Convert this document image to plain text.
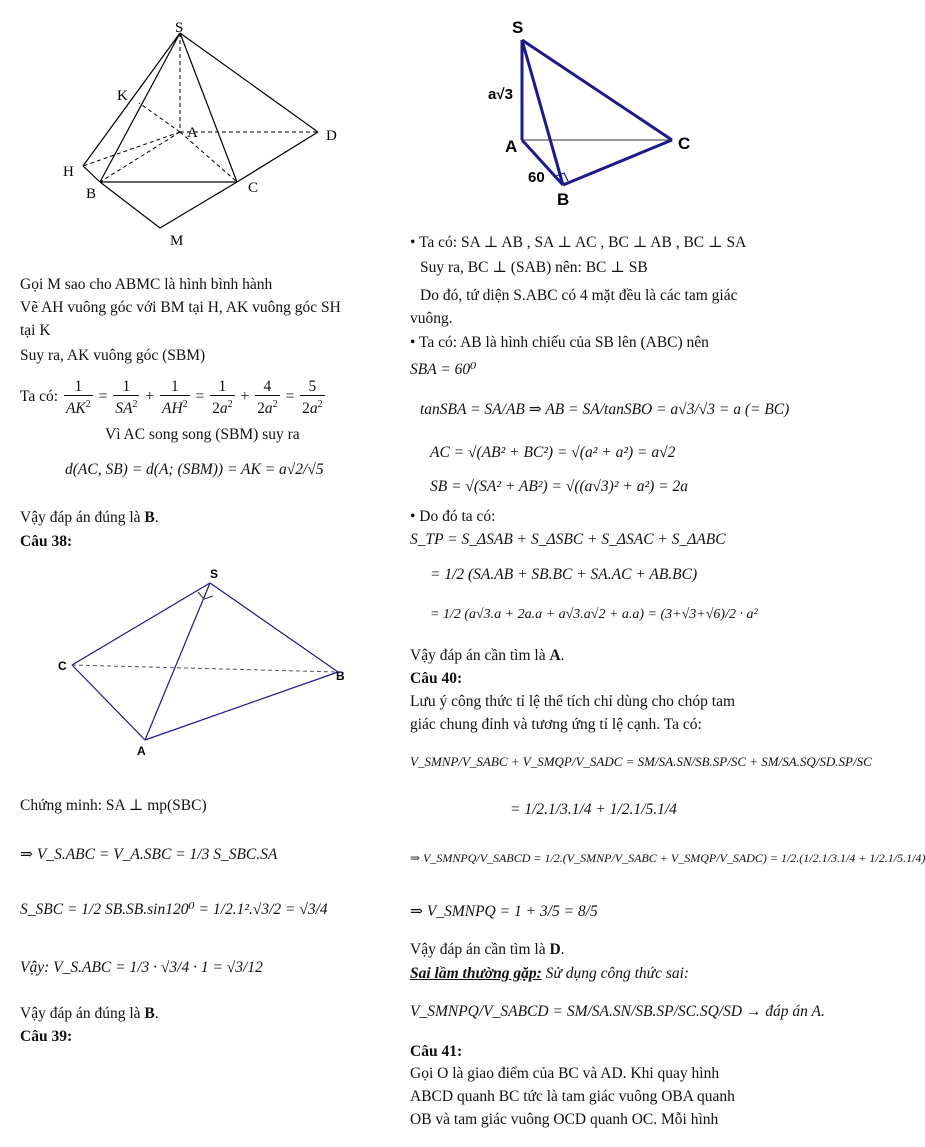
S
K
A	D
H
B	C
M
Gọi M sao cho ABMC là hình bình hành
Vẽ AH vuông góc với BM tại H, AK vuông góc SH
tại K
Suy ra, AK vuông góc (SBM)
Ta có: $\frac{1}{AK^2} = \frac{1}{SA^2} + \frac{1}{AH^2} = \frac{1}{2a^2} + \frac{4}{2a^2} = \frac{5}{2a^2}$
Vì AC song song (SBM) suy ra
d(AC, SB) = d(A; (SBM)) = AK = a√2/√5
Vậy đáp án đúng là B.
Câu 38:
S
C
B
A
Chứng minh: SA ⊥ mp(SBC)
⇒ V_S.ABC = V_A.SBC = 1/3 S_SBC.SA
S_SBC = 1/2 SB.SB.sin120⁰ = 1/2.1².√3/2 = √3/4
Vậy: V_S.ABC = 1/3 · √3/4 · 1 = √3/12
Vậy đáp án đúng là B.
Câu 39:
S
a√3
A	C
60
B
• Ta có: SA ⊥ AB , SA ⊥ AC , BC ⊥ AB , BC ⊥ SA
Suy ra, BC ⊥ (SAB) nên: BC ⊥ SB
Do đó, tứ diện S.ABC có 4 mặt đều là các tam giác
vuông.
• Ta có: AB là hình chiếu của SB lên (ABC) nên
SBA = 60⁰
tanSBA = SA/AB ⇒ AB = SA/tanSBO = a√3/√3 = a (= BC)
AC = √(AB² + BC²) = √(a² + a²) = a√2
SB = √(SA² + AB²) = √((a√3)² + a²) = 2a
• Do đó ta có:
S_TP = S_ΔSAB + S_ΔSBC + S_ΔSAC + S_ΔABC
= 1/2 (SA.AB + SB.BC + SA.AC + AB.BC)
= 1/2 (a√3.a + 2a.a + a√3.a√2 + a.a) = (3+√3+√6)/2 · a²
Vậy đáp án cần tìm là A.
Câu 40:
Lưu ý công thức tỉ lệ thể tích chỉ dùng cho chóp tam
giác chung đỉnh và tương ứng tỉ lệ cạnh. Ta có:
V_SMNP/V_SABC + V_SMQP/V_SADC = SM/SA.SN/SB.SP/SC + SM/SA.SQ/SD.SP/SC
= 1/2.1/3.1/4 + 1/2.1/5.1/4
⇒ V_SMNPQ/V_SABCD = 1/2.(V_SMNP/V_SABC + V_SMQP/V_SADC) = 1/2.(1/2.1/3.1/4 + 1/2.1/5.1/4)
⇒ V_SMNPQ = 1 + 3/5 = 8/5
Vậy đáp án cần tìm là D.
Sai lầm thường gặp: Sử dụng công thức sai:
V_SMNPQ/V_SABCD = SM/SA.SN/SB.SP/SC.SQ/SD → đáp án A.
Câu 41:
Gọi O là giao điểm của BC và AD. Khi quay hình
ABCD quanh BC tức là tam giác vuông OBA quanh
OB và tam giác vuông OCD quanh OC. Mỗi hình
